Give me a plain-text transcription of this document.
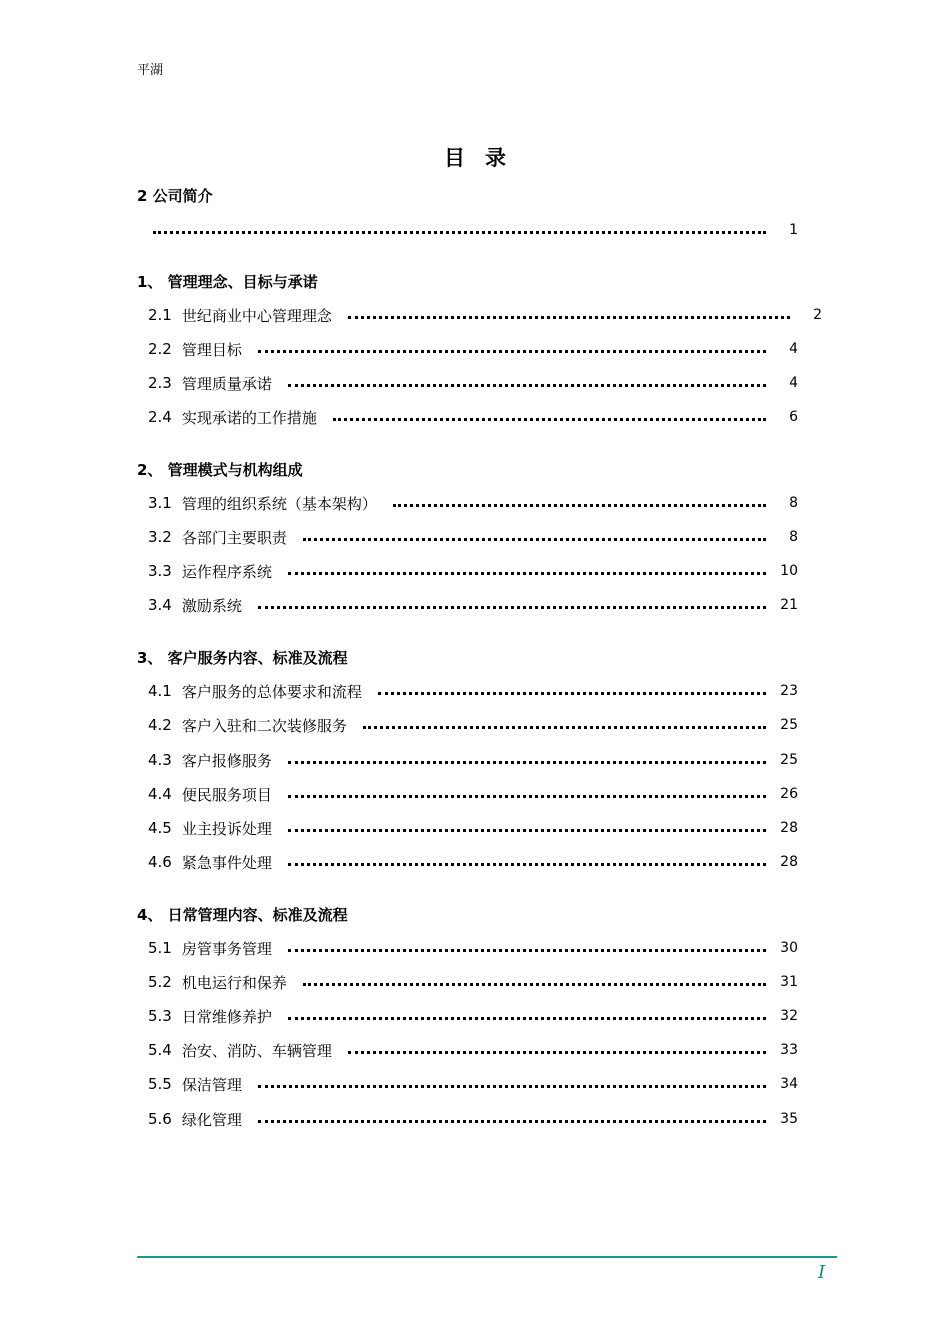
平湖
目录
2 公司简介
1
1、 管理理念、目标与承诺
2.1 世纪商业中心管理理念	2
2.2 管理目标	4
2.3 管理质量承诺	4
2.4 实现承诺的工作措施	6
2、 管理模式与机构组成
3.1 管理的组织系统（基本架构）	8
3.2 各部门主要职责	8
3.3 运作程序系统	10
3.4 激励系统	21
3、 客户服务内容、标准及流程
4.1 客户服务的总体要求和流程	23
4.2 客户入驻和二次装修服务	25
4.3 客户报修服务	25
4.4 便民服务项目	26
4.5 业主投诉处理	28
4.6 紧急事件处理	28
4、 日常管理内容、标准及流程
5.1 房管事务管理	30
5.2 机电运行和保养	31
5.3 日常维修养护	32
5.4 治安、消防、车辆管理	33
5.5 保洁管理	34
5.6 绿化管理	35
I
